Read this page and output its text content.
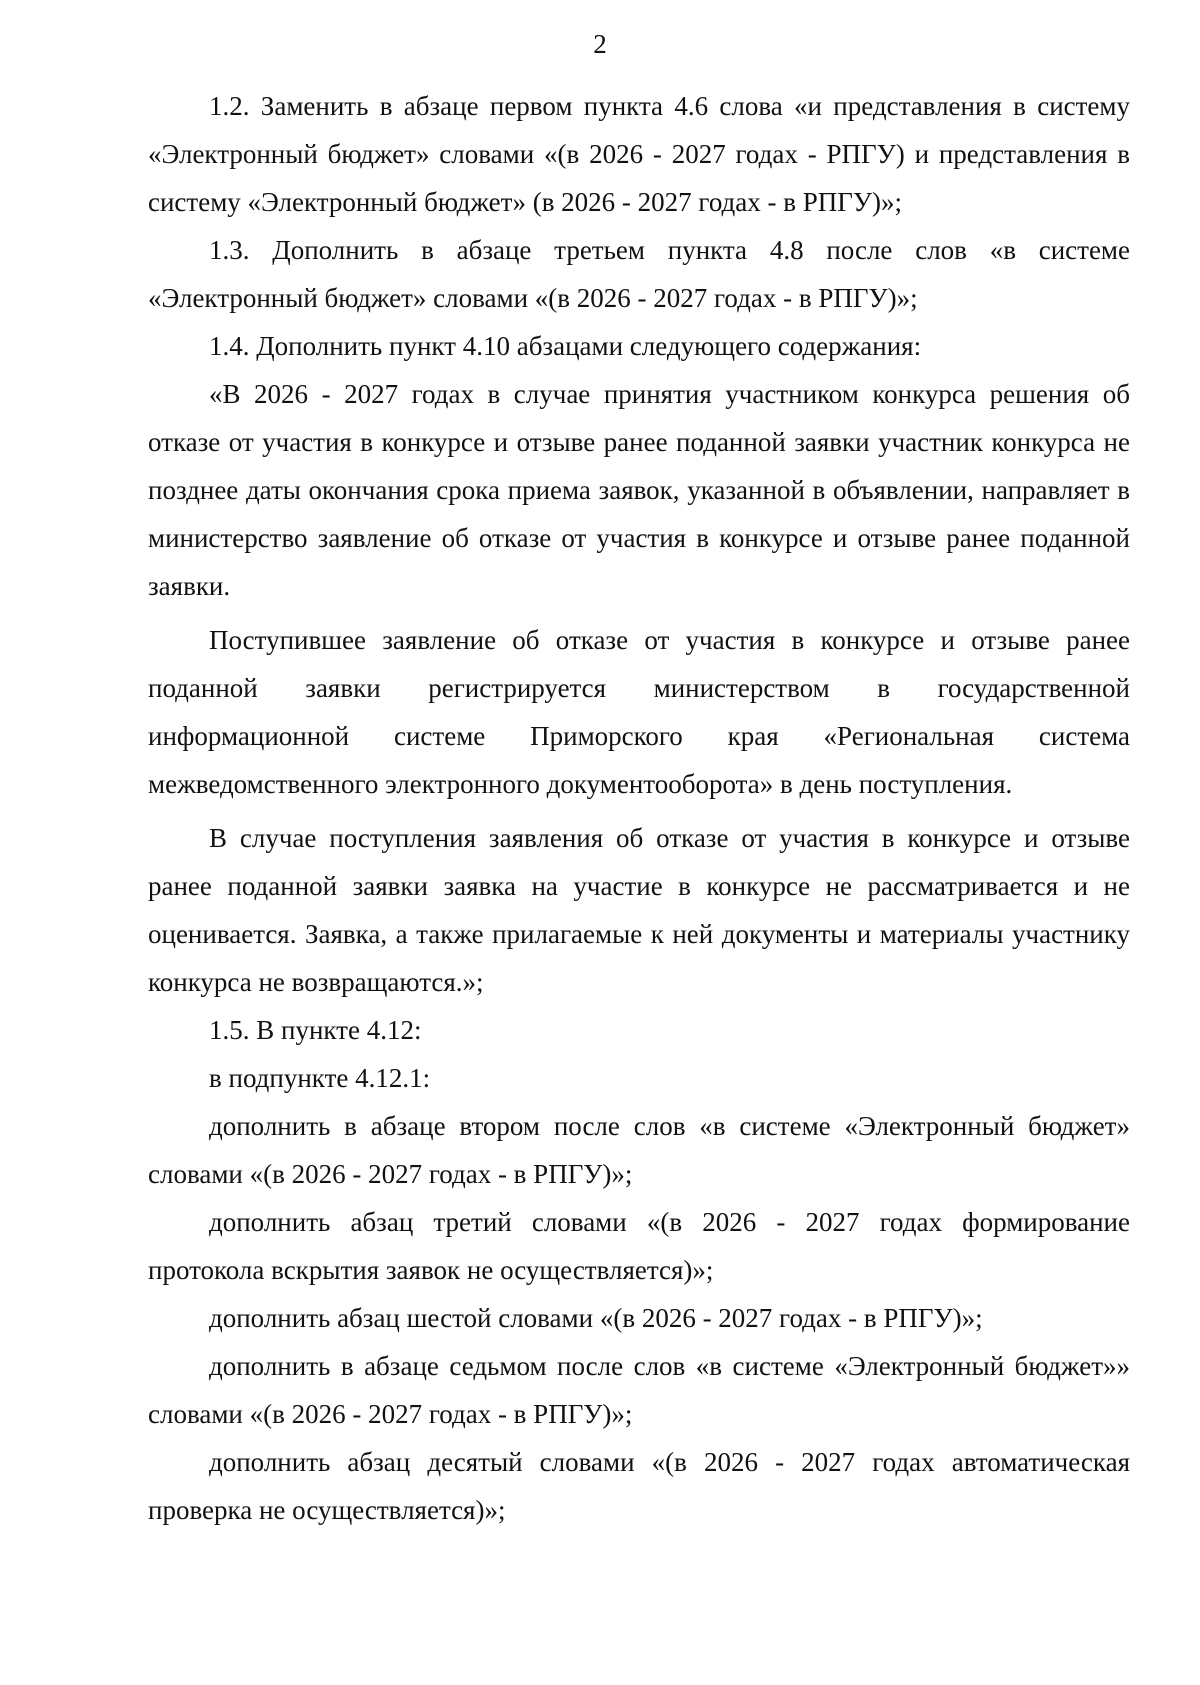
2

1.2. Заменить в абзаце первом пункта 4.6 слова «и представления в систему «Электронный бюджет» словами «(в 2026 - 2027 годах - РПГУ) и представления в систему «Электронный бюджет» (в 2026 - 2027 годах - в РПГУ)»;

1.3. Дополнить в абзаце третьем пункта 4.8 после слов «в системе «Электронный бюджет» словами «(в 2026 - 2027 годах - в РПГУ)»;

1.4. Дополнить пункт 4.10 абзацами следующего содержания:

«В 2026 - 2027 годах в случае принятия участником конкурса решения об отказе от участия в конкурсе и отзыве ранее поданной заявки участник конкурса не позднее даты окончания срока приема заявок, указанной в объявлении, направляет в министерство заявление об отказе от участия в конкурсе и отзыве ранее поданной заявки.

Поступившее заявление об отказе от участия в конкурсе и отзыве ранее поданной заявки регистрируется министерством в государственной информационной системе Приморского края «Региональная система межведомственного электронного документооборота» в день поступления.

В случае поступления заявления об отказе от участия в конкурсе и отзыве ранее поданной заявки заявка на участие в конкурсе не рассматривается и не оценивается. Заявка, а также прилагаемые к ней документы и материалы участнику конкурса не возвращаются.»;

1.5. В пункте 4.12:

в подпункте 4.12.1:

дополнить в абзаце втором после слов «в системе «Электронный бюджет» словами «(в 2026 - 2027 годах - в РПГУ)»;

дополнить абзац третий словами «(в 2026 - 2027 годах формирование протокола вскрытия заявок не осуществляется)»;

дополнить абзац шестой словами «(в 2026 - 2027 годах - в РПГУ)»;

дополнить в абзаце седьмом после слов «в системе «Электронный бюджет»» словами «(в 2026 - 2027 годах - в РПГУ)»;

дополнить абзац десятый словами «(в 2026 - 2027 годах автоматическая проверка не осуществляется)»;
